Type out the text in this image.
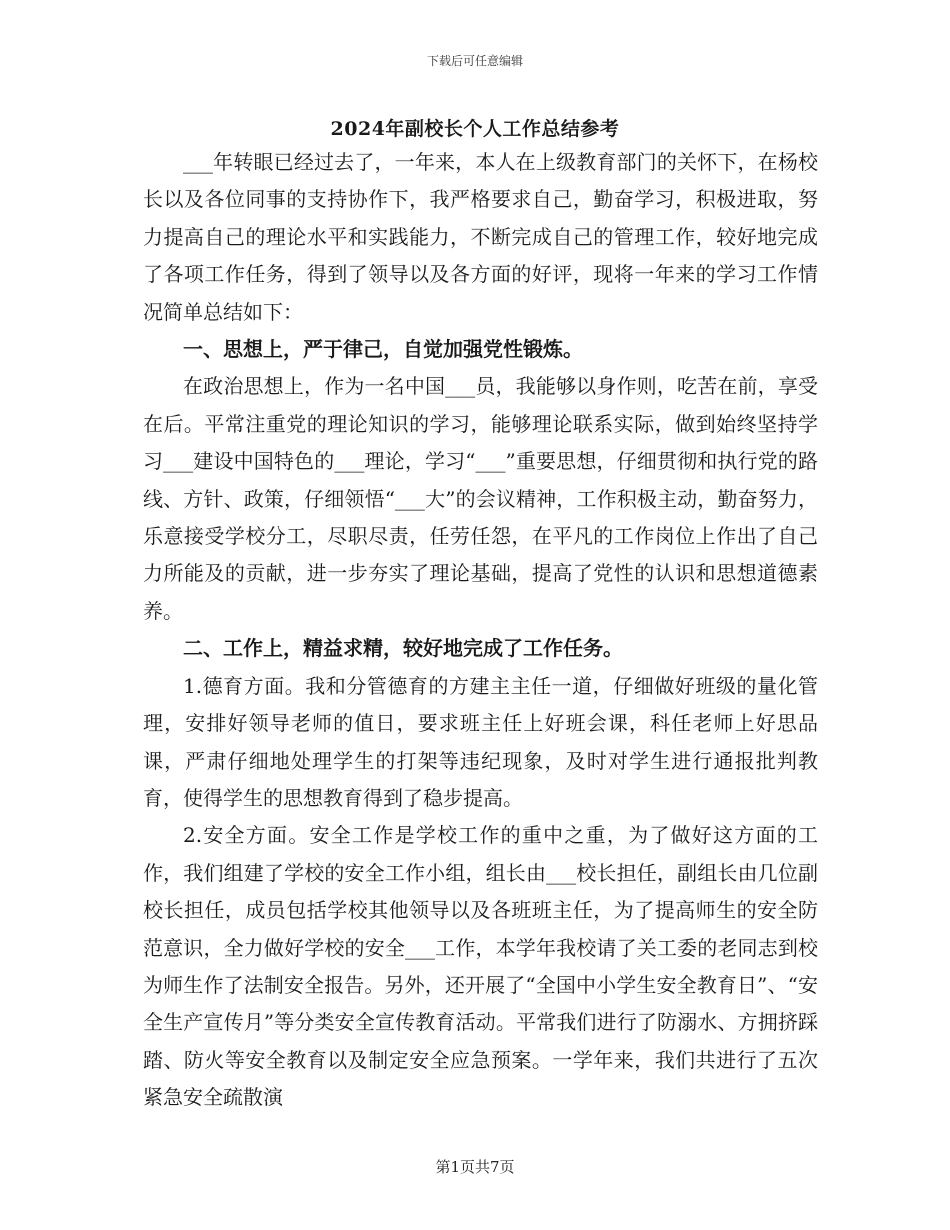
下载后可任意编辑
2024年副校长个人工作总结参考

___年转眼已经过去了，一年来，本人在上级教育部门的关怀下，在杨校长以及各位同事的支持协作下，我严格要求自己，勤奋学习，积极进取，努力提高自己的理论水平和实践能力，不断完成自己的管理工作，较好地完成了各项工作任务，得到了领导以及各方面的好评，现将一年来的学习工作情况简单总结如下：

一、思想上，严于律己，自觉加强党性锻炼。

在政治思想上，作为一名中国___员，我能够以身作则，吃苦在前，享受在后。平常注重党的理论知识的学习，能够理论联系实际，做到始终坚持学习___建设中国特色的___理论，学习“___”重要思想，仔细贯彻和执行党的路线、方针、政策，仔细领悟“___大”的会议精神，工作积极主动，勤奋努力，乐意接受学校分工，尽职尽责，任劳任怨，在平凡的工作岗位上作出了自己力所能及的贡献，进一步夯实了理论基础，提高了党性的认识和思想道德素养。

二、工作上，精益求精，较好地完成了工作任务。

1.德育方面。我和分管德育的方建主主任一道，仔细做好班级的量化管理，安排好领导老师的值日，要求班主任上好班会课，科任老师上好思品课，严肃仔细地处理学生的打架等违纪现象，及时对学生进行通报批判教育，使得学生的思想教育得到了稳步提高。

2.安全方面。安全工作是学校工作的重中之重，为了做好这方面的工作，我们组建了学校的安全工作小组，组长由___校长担任，副组长由几位副校长担任，成员包括学校其他领导以及各班班主任，为了提高师生的安全防范意识，全力做好学校的安全___工作，本学年我校请了关工委的老同志到校为师生作了法制安全报告。另外，还开展了“全国中小学生安全教育日”、“安全生产宣传月”等分类安全宣传教育活动。平常我们进行了防溺水、方拥挤踩踏、防火等安全教育以及制定安全应急预案。一学年来，我们共进行了五次紧急安全疏散演

第1页共7页
